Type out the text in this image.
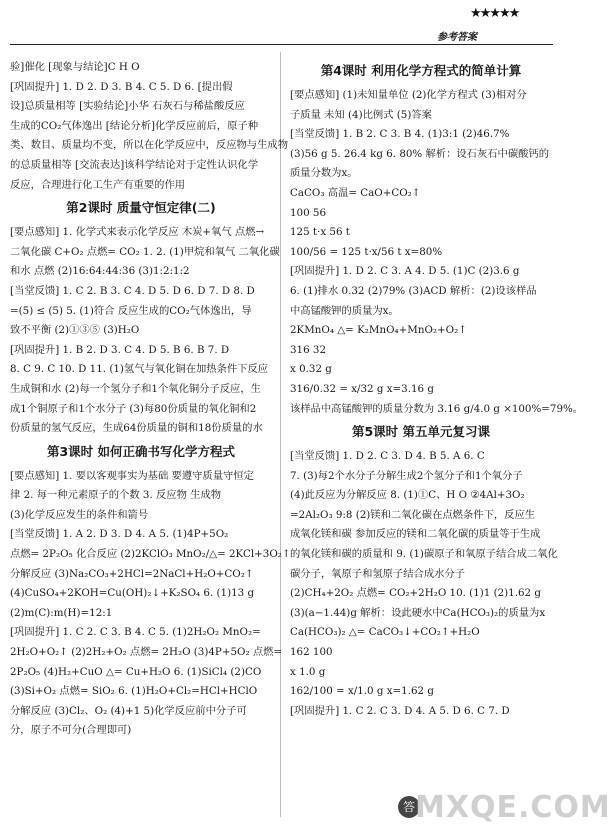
★★★★★
参考答案
验]催化 [现象与结论]C H O
[巩固提升] 1. D 2. D 3. B 4. C 5. D 6. [提出假
设]总质量相等 [实验结论]小华 石灰石与稀盐酸反应
生成的CO₂气体逸出 [结论分析]化学反应前后，原子种
类、数目、质量均不变，所以在化学反应中，反应物与生成物
的总质量相等 [交流表达]该科学结论对于定性认识化学
反应，合理进行化工生产有重要的作用
第2课时 质量守恒定律(二)
[要点感知] 1. 化学式来表示化学反应 木炭+氧气 点燃→
二氧化碳 C+O₂ 点燃= CO₂ 1. 2. (1)甲烷和氧气 二氧化碳
和水 点燃 (2)16:64:44:36 (3)1:2:1:2
[当堂反馈] 1. C 2. B 3. C 4. D 5. D 6. D 7. D 8. D
=(5) ≤ (5) 5. (1)符合 反应生成的CO₂气体逸出，导
致不平衡 (2)①③⑤ (3)H₂O
[巩固提升] 1. B 2. D 3. C 4. D 5. B 6. B 7. D
8. C 9. C 10. D 11. (1)氢气与氧化铜在加热条件下反应
生成铜和水 (2)每一个氢分子和1个氧化铜分子反应，生
成1个铜原子和1个水分子 (3)每80份质量的氧化铜和2
份质量的氢气反应，生成64份质量的铜和18份质量的水
第3课时 如何正确书写化学方程式
[要点感知] 1. 要以客观事实为基础 要遵守质量守恒定
律 2. 每一种元素原子的个数 3. 反应物 生成物
(3)化学反应发生的条件和箭号
[当堂反馈] 1. A 2. D 3. D 4. A 5. (1)4P+5O₂
点燃= 2P₂O₅ 化合反应 (2)2KClO₃ MnO₂/△= 2KCl+3O₂↑
分解反应 (3)Na₂CO₃+2HCl=2NaCl+H₂O+CO₂↑
(4)CuSO₄+2KOH=Cu(OH)₂↓+K₂SO₄ 6. (1)13 g
(2)m(C):m(H)=12:1
[巩固提升] 1. C 2. C 3. B 4. C 5. (1)2H₂O₂ MnO₂=
2H₂O+O₂↑ (2)2H₂+O₂ 点燃= 2H₂O (3)4P+5O₂ 点燃=
2P₂O₅ (4)H₂+CuO △= Cu+H₂O 6. (1)SiCl₄ (2)CO
(3)Si+O₂ 点燃= SiO₂ 6. (1)H₂O+Cl₂=HCl+HClO
分解反应 (3)Cl₂、O₂ (4)+1 5)化学反应前中分子可
分，原子不可分(合理即可)
第4课时 利用化学方程式的简单计算
[要点感知] (1)未知量单位 (2)化学方程式 (3)相对分
子质量 未知 (4)比例式 (5)答案
[当堂反馈] 1. B 2. C 3. B 4. (1)3:1 (2)46.7%
(3)56 g 5. 26.4 kg 6. 80% 解析：设石灰石中碳酸钙的
质量分数为x。
CaCO₃ 高温= CaO+CO₂↑
100 56
125 t·x 56 t
100/56 = 125 t·x/56 t x=80%
[巩固提升] 1. D 2. C 3. A 4. D 5. (1)C (2)3.6 g
6. (1)排水 0.32 (2)79% (3)ACD 解析：(2)设该样品
中高锰酸钾的质量为x。
2KMnO₄ △= K₂MnO₄+MnO₂+O₂↑
316 32
x 0.32 g
316/0.32 = x/32 g x=3.16 g
该样品中高锰酸钾的质量分数为 3.16 g/4.0 g ×100%=79%。
第5课时 第五单元复习课
[当堂反馈] 1. D 2. C 3. D 4. B 5. A 6. C
7. (3)每2个水分子分解生成2个氢分子和1个氧分子
(4)此反应为分解反应 8. (1)①C、H O ②4Al+3O₂
=2Al₂O₃ 9:8 (2)镁和二氧化碳在点燃条件下，反应生
成氧化镁和碳 参加反应的镁和二氧化碳的质量等于生成
的氧化镁和碳的质量和 9. (1)碳原子和氧原子结合成二氧化
碳分子，氧原子和氢原子结合成水分子
(2)CH₄+2O₂ 点燃= CO₂+2H₂O 10. (1)1 (2)1.62 g
(3)(a−1.44)g 解析：设此硬水中Ca(HCO₃)₂的质量为x
Ca(HCO₃)₂ △= CaCO₃↓+CO₂↑+H₂O
162 100
x 1.0 g
162/100 = x/1.0 g x=1.62 g
[巩固提升] 1. C 2. C 3. D 4. A 5. D 6. C 7. D
答 MXQE.COM
